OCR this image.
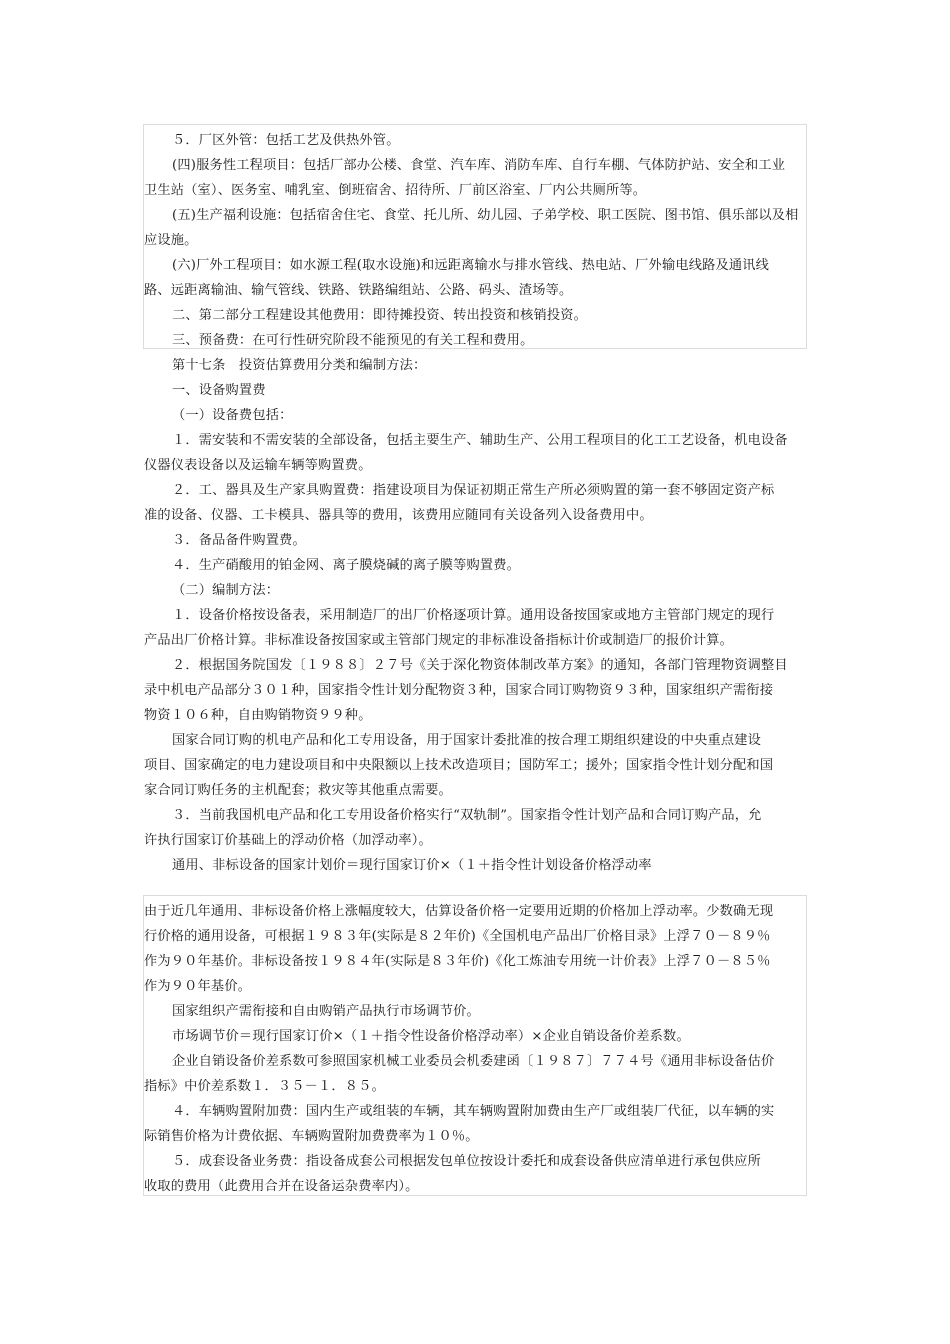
５．厂区外管：包括工艺及供热外管。
(四)服务性工程项目：包括厂部办公楼、食堂、汽车库、消防车库、自行车棚、气体防护站、安全和工业
卫生站（室）、医务室、哺乳室、倒班宿舍、招待所、厂前区浴室、厂内公共厕所等。
(五)生产福利设施：包括宿舍住宅、食堂、托儿所、幼儿园、子弟学校、职工医院、图书馆、俱乐部以及相
应设施。
(六)厂外工程项目：如水源工程(取水设施)和远距离输水与排水管线、热电站、厂外输电线路及通讯线
路、远距离输油、输气管线、铁路、铁路编组站、公路、码头、渣场等。
二、第二部分工程建设其他费用：即待摊投资、转出投资和核销投资。
三、预备费：在可行性研究阶段不能预见的有关工程和费用。
第十七条　投资估算费用分类和编制方法：
一、设备购置费
（一）设备费包括：
１．需安装和不需安装的全部设备，包括主要生产、辅助生产、公用工程项目的化工工艺设备，机电设备
仪器仪表设备以及运输车辆等购置费。
２．工、器具及生产家具购置费：指建设项目为保证初期正常生产所必须购置的第一套不够固定资产标
准的设备、仪器、工卡模具、器具等的费用，该费用应随同有关设备列入设备费用中。
３．备品备件购置费。
４．生产硝酸用的铂金网、离子膜烧碱的离子膜等购置费。
（二）编制方法：
１．设备价格按设备表，采用制造厂的出厂价格逐项计算。通用设备按国家或地方主管部门规定的现行
产品出厂价格计算。非标准设备按国家或主管部门规定的非标准设备指标计价或制造厂的报价计算。
２．根据国务院国发〔１９８８〕２７号《关于深化物资体制改革方案》的通知，各部门管理物资调整目
录中机电产品部分３０１种，国家指令性计划分配物资３种，国家合同订购物资９３种，国家组织产需衔接
物资１０６种，自由购销物资９９种。
国家合同订购的机电产品和化工专用设备，用于国家计委批准的按合理工期组织建设的中央重点建设
项目、国家确定的电力建设项目和中央限额以上技术改造项目；国防军工；援外；国家指令性计划分配和国
家合同订购任务的主机配套；救灾等其他重点需要。
３．当前我国机电产品和化工专用设备价格实行“双轨制”。国家指令性计划产品和合同订购产品，允
许执行国家订价基础上的浮动价格（加浮动率）。
通用、非标设备的国家计划价＝现行国家订价×（１＋指令性计划设备价格浮动率
由于近几年通用、非标设备价格上涨幅度较大，估算设备价格一定要用近期的价格加上浮动率。少数确无现
行价格的通用设备，可根据１９８３年(实际是８２年价)《全国机电产品出厂价格目录》上浮７０－８９％
作为９０年基价。非标设备按１９８４年(实际是８３年价)《化工炼油专用统一计价表》上浮７０－８５％
作为９０年基价。
国家组织产需衔接和自由购销产品执行市场调节价。
市场调节价＝现行国家订价×（１＋指令性设备价格浮动率）×企业自销设备价差系数。
企业自销设备价差系数可参照国家机械工业委员会机委建函〔１９８７〕７７４号《通用非标设备估价
指标》中价差系数１．３５－１．８５。
４．车辆购置附加费：国内生产或组装的车辆，其车辆购置附加费由生产厂或组装厂代征，以车辆的实
际销售价格为计费依据、车辆购置附加费费率为１０％。
５．成套设备业务费：指设备成套公司根据发包单位按设计委托和成套设备供应清单进行承包供应所
收取的费用（此费用合并在设备运杂费率内）。
